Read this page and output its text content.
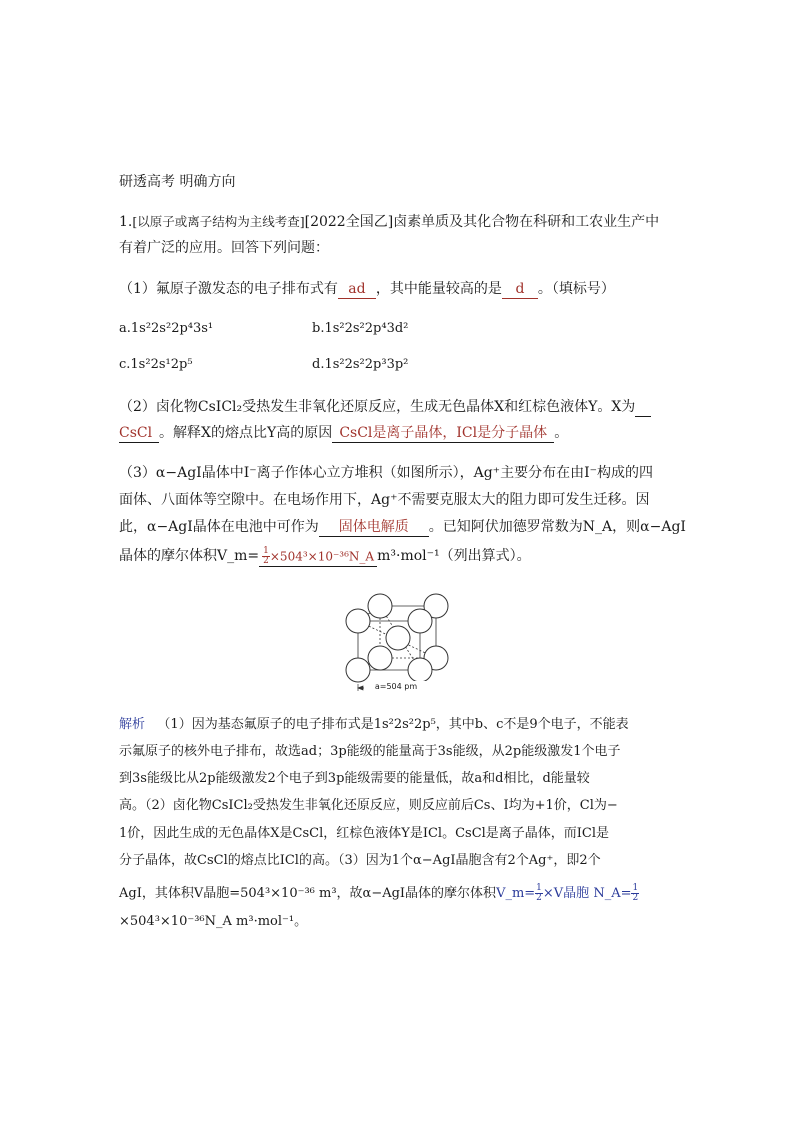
研透高考 明确方向
1.[以原子或离子结构为主线考查][2022全国乙]卤素单质及其化合物在科研和工农业生产中
有着广泛的应用。回答下列问题：
（1）氟原子激发态的电子排布式有 ad ，其中能量较高的是 d 。（填标号）
a.1s²2s²2p⁴3s¹	b.1s²2s²2p⁴3d²
c.1s²2s¹2p⁵	d.1s²2s²2p³3p²
（2）卤化物CsICl₂受热发生非氧化还原反应，生成无色晶体X和红棕色液体Y。X为
CsCl 。解释X的熔点比Y高的原因 CsCl是离子晶体，ICl是分子晶体 。
（3）α−AgI晶体中I⁻离子作体心立方堆积（如图所示），Ag⁺主要分布在由I⁻构成的四
面体、八面体等空隙中。在电场作用下，Ag⁺不需要克服太大的阻力即可发生迁移。因
此，α−AgI晶体在电池中可作为 固体电解质 。已知阿伏加德罗常数为N_A，则α−AgI
晶体的摩尔体积V_m= $\frac{1}{2}$ ×504³×10⁻³⁶N_A m³·mol⁻¹（列出算式）。
a=504 pm
解析 （1）因为基态氟原子的电子排布式是1s²2s²2p⁵，其中b、c不是9个电子，不能表
示氟原子的核外电子排布，故选ad；3p能级的能量高于3s能级，从2p能级激发1个电子
到3s能级比从2p能级激发2个电子到3p能级需要的能量低，故a和d相比，d能量较
高。（2）卤化物CsICl₂受热发生非氧化还原反应，则反应前后Cs、I均为+1价，Cl为−
1价，因此生成的无色晶体X是CsCl，红棕色液体Y是ICl。CsCl是离子晶体，而ICl是
分子晶体，故CsCl的熔点比ICl的高。（3）因为1个α−AgI晶胞含有2个Ag⁺，即2个
AgI，其体积V晶胞=504³×10⁻³⁶ m³，故α−AgI晶体的摩尔体积V_m= $\frac{1}{2} \times V$晶胞 N_A= $\frac{1}{2}$
×504³×10⁻³⁶N_A m³·mol⁻¹。
